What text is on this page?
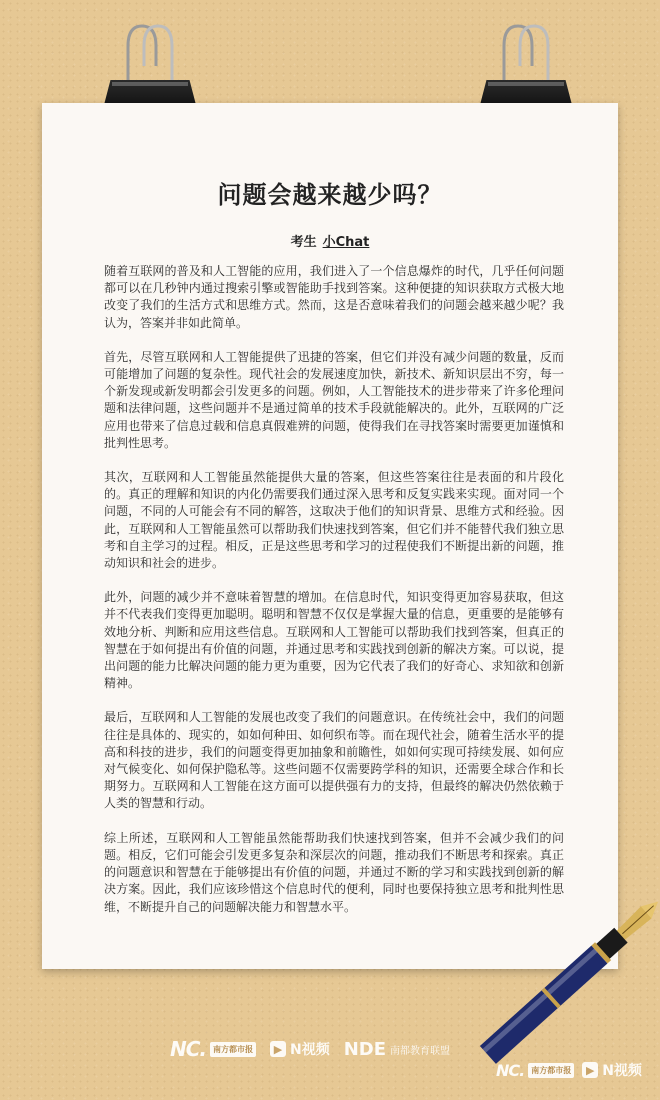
问题会越来越少吗？
考生 小Chat

随着互联网的普及和人工智能的应用，我们进入了一个信息爆炸的时代，几乎任何问题都可以在几秒钟内通过搜索引擎或智能助手找到答案。这种便捷的知识获取方式极大地改变了我们的生活方式和思维方式。然而，这是否意味着我们的问题会越来越少呢？我认为，答案并非如此简单。

首先，尽管互联网和人工智能提供了迅捷的答案，但它们并没有减少问题的数量，反而可能增加了问题的复杂性。现代社会的发展速度加快，新技术、新知识层出不穷，每一个新发现或新发明都会引发更多的问题。例如，人工智能技术的进步带来了许多伦理问题和法律问题，这些问题并不是通过简单的技术手段就能解决的。此外，互联网的广泛应用也带来了信息过载和信息真假难辨的问题，使得我们在寻找答案时需要更加谨慎和批判性思考。

其次，互联网和人工智能虽然能提供大量的答案，但这些答案往往是表面的和片段化的。真正的理解和知识的内化仍需要我们通过深入思考和反复实践来实现。面对同一个问题，不同的人可能会有不同的解答，这取决于他们的知识背景、思维方式和经验。因此，互联网和人工智能虽然可以帮助我们快速找到答案，但它们并不能替代我们独立思考和自主学习的过程。相反，正是这些思考和学习的过程使我们不断提出新的问题，推动知识和社会的进步。

此外，问题的减少并不意味着智慧的增加。在信息时代，知识变得更加容易获取，但这并不代表我们变得更加聪明。聪明和智慧不仅仅是掌握大量的信息，更重要的是能够有效地分析、判断和应用这些信息。互联网和人工智能可以帮助我们找到答案，但真正的智慧在于如何提出有价值的问题，并通过思考和实践找到创新的解决方案。可以说，提出问题的能力比解决问题的能力更为重要，因为它代表了我们的好奇心、求知欲和创新精神。

最后，互联网和人工智能的发展也改变了我们的问题意识。在传统社会中，我们的问题往往是具体的、现实的，如如何种田、如何织布等。而在现代社会，随着生活水平的提高和科技的进步，我们的问题变得更加抽象和前瞻性，如如何实现可持续发展、如何应对气候变化、如何保护隐私等。这些问题不仅需要跨学科的知识，还需要全球合作和长期努力。互联网和人工智能在这方面可以提供强有力的支持，但最终的解决仍然依赖于人类的智慧和行动。

综上所述，互联网和人工智能虽然能帮助我们快速找到答案，但并不会减少我们的问题。相反，它们可能会引发更多复杂和深层次的问题，推动我们不断思考和探索。真正的问题意识和智慧在于能够提出有价值的问题，并通过不断的学习和实践找到创新的解决方案。因此，我们应该珍惜这个信息时代的便利，同时也要保持独立思考和批判性思维，不断提升自己的问题解决能力和智慧水平。

NC. 南方都市报	▶ N视频 NDE 南都教育联盟
NC. 南方都市报	▶ N视频
